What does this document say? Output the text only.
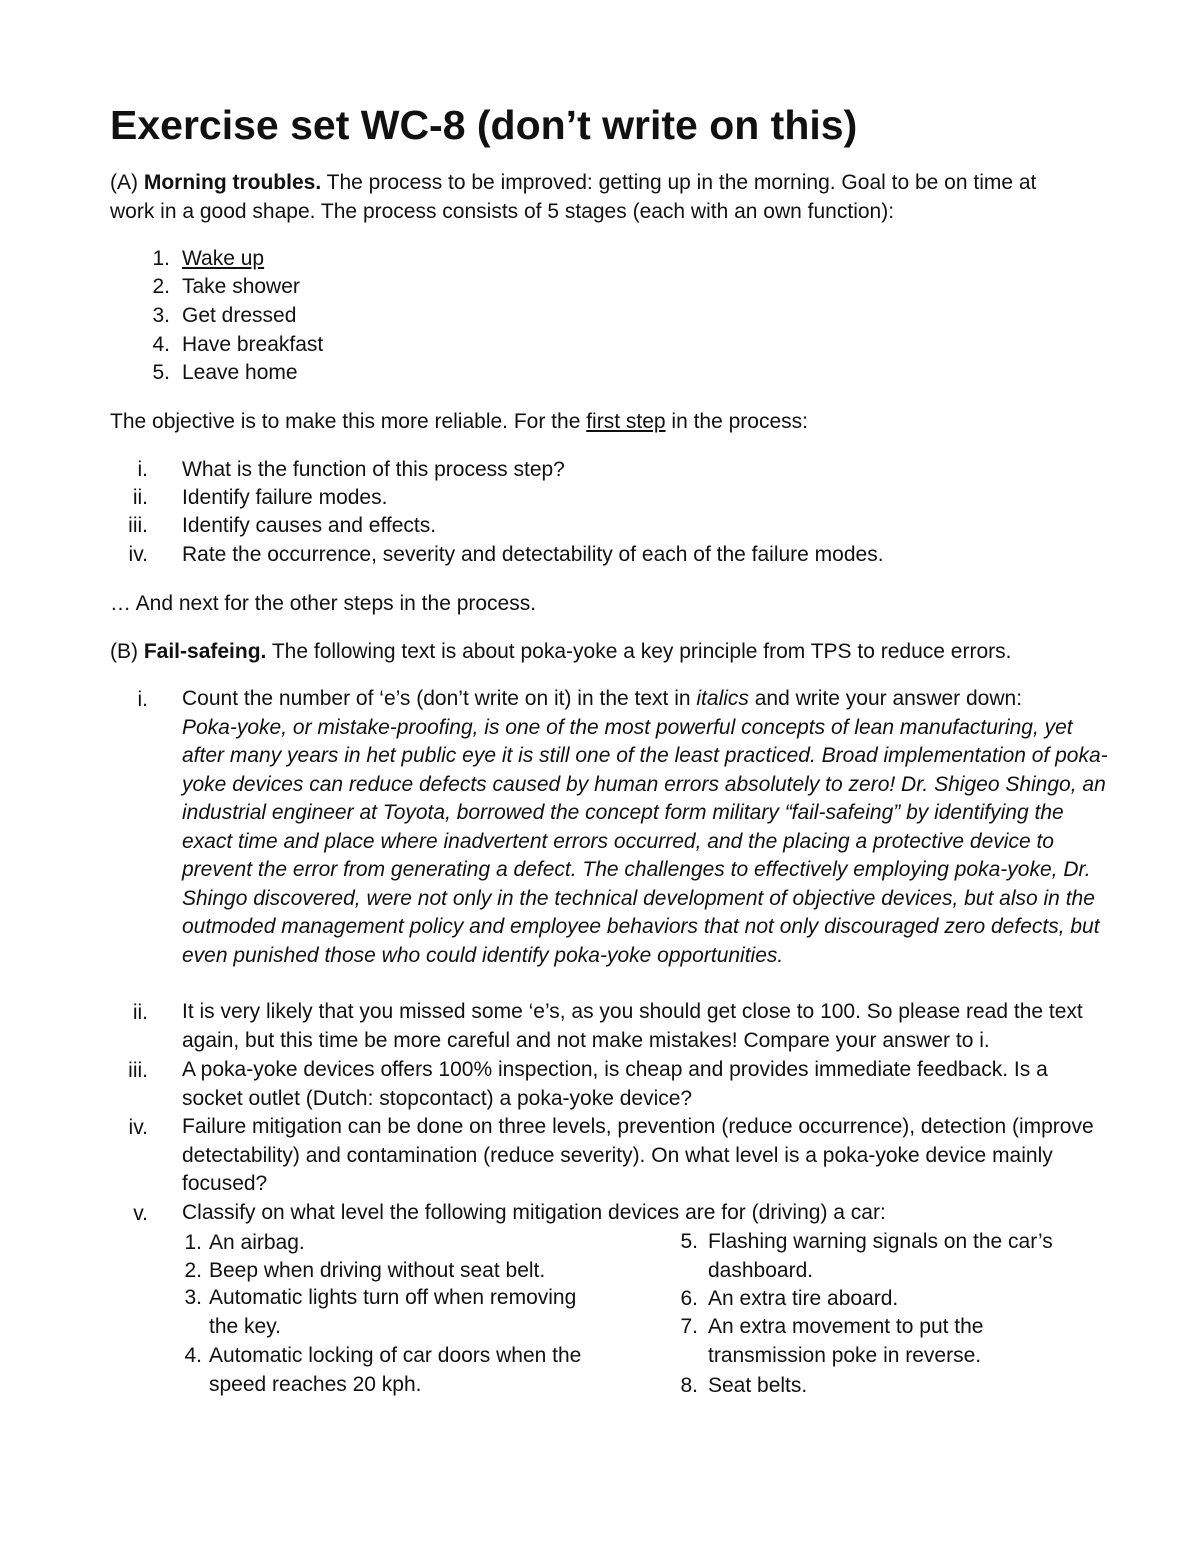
Exercise set WC-8 (don’t write on this)

(A) Morning troubles. The process to be improved: getting up in the morning. Goal to be on time at
work in a good shape. The process consists of 5 stages (each with an own function):

1. Wake up
2. Take shower
3. Get dressed
4. Have breakfast
5. Leave home

The objective is to make this more reliable. For the first step in the process:

i. What is the function of this process step?
ii. Identify failure modes.
iii. Identify causes and effects.
iv. Rate the occurrence, severity and detectability of each of the failure modes.

… And next for the other steps in the process.

(B) Fail-safeing. The following text is about poka-yoke a key principle from TPS to reduce errors.

i. Count the number of ‘e’s (don’t write on it) in the text in italics and write your answer down:
Poka-yoke, or mistake-proofing, is one of the most powerful concepts of lean manufacturing, yet after many years in het public eye it is still one of the least practiced. Broad implementation of poka-yoke devices can reduce defects caused by human errors absolutely to zero! Dr. Shigeo Shingo, an industrial engineer at Toyota, borrowed the concept form military “fail-safeing” by identifying the exact time and place where inadvertent errors occurred, and the placing a protective device to prevent the error from generating a defect. The challenges to effectively employing poka-yoke, Dr. Shingo discovered, were not only in the technical development of objective devices, but also in the outmoded management policy and employee behaviors that not only discouraged zero defects, but even punished those who could identify poka-yoke opportunities.

ii. It is very likely that you missed some ‘e’s, as you should get close to 100. So please read the text again, but this time be more careful and not make mistakes! Compare your answer to i.

iii. A poka-yoke devices offers 100% inspection, is cheap and provides immediate feedback. Is a socket outlet (Dutch: stopcontact) a poka-yoke device?

iv. Failure mitigation can be done on three levels, prevention (reduce occurrence), detection (improve detectability) and contamination (reduce severity). On what level is a poka-yoke device mainly focused?

v. Classify on what level the following mitigation devices are for (driving) a car:

1. An airbag.
2. Beep when driving without seat belt.
3. Automatic lights turn off when removing the key.
4. Automatic locking of car doors when the speed reaches 20 kph.
5. Flashing warning signals on the car’s dashboard.
6. An extra tire aboard.
7. An extra movement to put the transmission poke in reverse.
8. Seat belts.
